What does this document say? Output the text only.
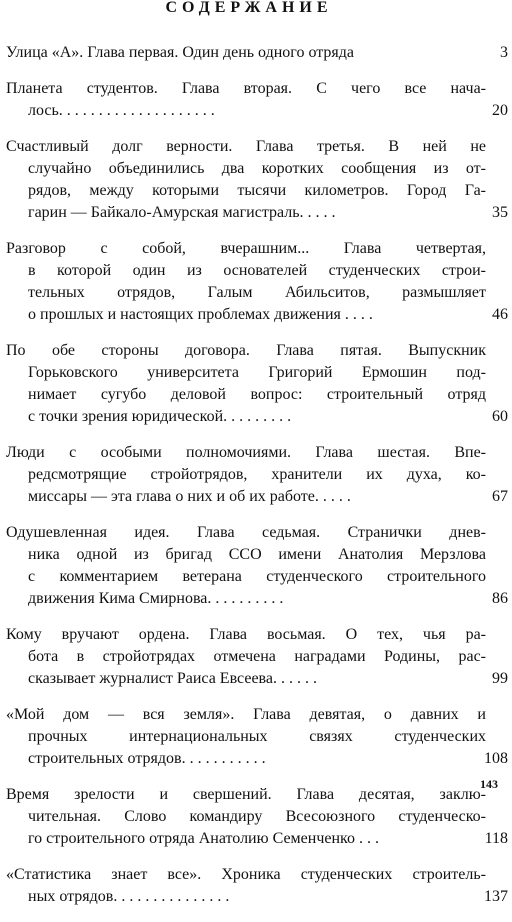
СОДЕРЖАНИЕ
Улица «А». Глава первая. Один день одного отряда	3
Планета студентов. Глава вторая. С чего все нача-
лось. . . . . . . . . . . . . . . . . . . .	20
Счастливый долг верности. Глава третья. В ней не
случайно объединились два коротких сообщения из от-
рядов, между которыми тысячи километров. Город Га-
гарин — Байкало-Амурская магистраль. . . . .	35
Разговор с собой, вчерашним... Глава четвертая,
в которой один из основателей студенческих строи-
тельных отрядов, Галым Абильситов, размышляет
о прошлых и настоящих проблемах движения . . . .	46
По обе стороны договора. Глава пятая. Выпускник
Горьковского университета Григорий Ермошин под-
нимает сугубо деловой вопрос: строительный отряд
с точки зрения юридической. . . . . . . . .	60
Люди с особыми полномочиями. Глава шестая. Впе-
редсмотрящие стройотрядов, хранители их духа, ко-
миссары — эта глава о них и об их работе. . . . .	67
Одушевленная идея. Глава седьмая. Странички днев-
ника одной из бригад ССО имени Анатолия Мерзлова
с комментарием ветерана студенческого строительного
движения Кима Смирнова. . . . . . . . . .	86
Кому вручают ордена. Глава восьмая. О тех, чья ра-
бота в стройотрядах отмечена наградами Родины, рас-
сказывает журналист Раиса Евсеева. . . . . .	99
«Мой дом — вся земля». Глава девятая, о давних и
прочных интернациональных связях студенческих
строительных отрядов. . . . . . . . . . .	108
Время зрелости и свершений. Глава десятая, заклю-
чительная. Слово командиру Всесоюзного студенческо-
го строительного отряда Анатолию Семенченко . . .	118
«Статистика знает все». Хроника студенческих строитель-
ных отрядов. . . . . . . . . . . . . . .	137
143
